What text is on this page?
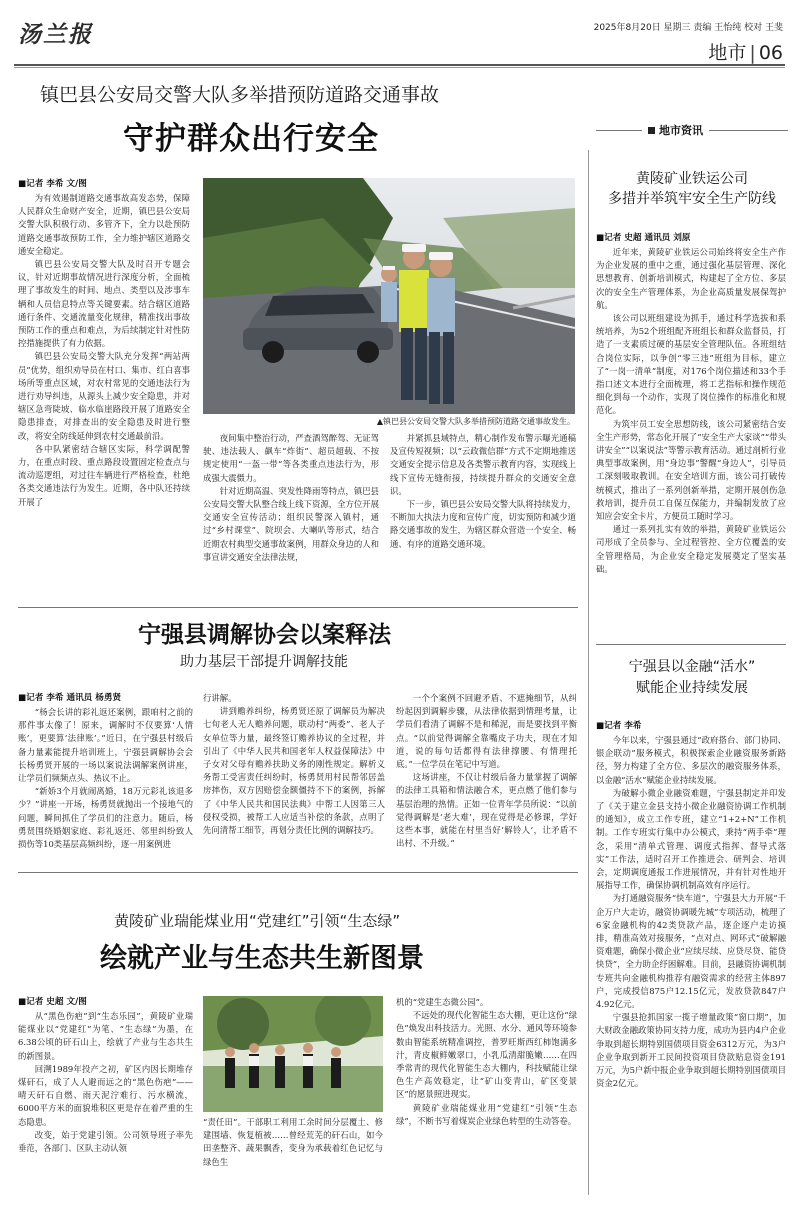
汤兰报	2025年8月20日 星期三 责编 王怡纯 校对 王斐
地市 | 06
镇巴县公安局交警大队多举措预防道路交通事故
守护群众出行安全	地市资讯
■记者 李希 文/图

为有效遏制道路交通事故高发态势，保障人民群众生命财产安全，近期，镇巴县公安局交警大队积极行动、多管齐下，全力以赴预防道路交通事故预防工作，全力维护辖区道路交通安全稳定。

镇巴县公安局交警大队及时召开专题会议，针对近期事故情况进行深度分析，全面梳理了事故发生的时间、地点、类型以及涉事车辆和人员信息特点等关键要素。结合辖区道路通行条件、交通流量变化规律，精准找出事故预防工作的重点和难点，为后续制定针对性防控措施提供了有力依据。

镇巴县公安局交警大队充分发挥“两站两员”优势，组织劝导员在村口、集市、红白喜事场所等重点区域，对农村常见的交通违法行为进行劝导纠违，从源头上减少安全隐患，并对辖区急弯陡坡、临水临崖路段开展了道路安全隐患排查，对排查出的安全隐患及时进行整改，将安全防线延伸到农村交通最前沿。

各中队紧密结合辖区实际，科学调配警力，在重点时段、重点路段设置固定检查点与流动巡逻组，对过往车辆进行严格检查，杜绝各类交通违法行为发生。近期，各中队还持续开展了

▲镇巴县公安局交警大队多举措预防道路交通事故发生。

夜间集中整治行动，严查酒驾醉驾、无证驾驶、违法载人、飙车“炸街”、超员超载、不按规定使用“一盔一带”等各类重点违法行为，形成强大震慑力。

针对近期高温、突发性降雨等特点，镇巴县公安局交警大队整合线上线下资源，全方位开展交通安全宣传活动；组织民警深入镇村，通过“乡村课堂”、院坝会、大喇叭等形式，结合近期农村典型交通事故案例，用群众身边的人和事宣讲交通安全法律法规，

并紧抓县域特点，精心制作发布警示曝光通稿及宣传短视频；以“云政微信群”方式不定期地推送交通安全提示信息及各类警示教育内容，实现线上线下宣传无缝衔接，持续提升群众的交通安全意识。

下一步，镇巴县公安局交警大队将持续发力，不断加大执法力度和宣传广度，切实预防和减少道路交通事故的发生，为辖区群众营造一个安全、畅通、有序的道路交通环境。

宁强县调解协会以案释法
助力基层干部提升调解技能
■记者 李希 通讯员 杨勇贤

“杨会长讲的彩礼返还案例，跟咱村之前的那件事太像了！原来，调解时不仅要算‘人情账’，更要算‘法律账’。”近日，在宁强县村级后备力量素能提升培训班上，宁强县调解协会会长杨勇贤开展的一场以案说法调解案例讲座，让学员们频频点头、热议不止。

“新娇3个月就闹离婚，18万元彩礼该退多少？”讲座一开场，杨勇贤就抛出一个接地气的问题，瞬间抓住了学员们的注意力。随后，杨勇贤围绕婚姻家庭、彩礼返还、邻里纠纷致人损伤等10类基层高频纠纷，逐一用案例进

行讲解。

讲到赡养纠纷，杨勇贤还原了调解员为解决七旬老人无人赡养问题，联动村“两委”、老人子女单位等力量，最终签订赡养协议的全过程，并引出了《中华人民共和国老年人权益保障法》中子女对父母有赡养扶助义务的刚性规定。解析义务帮工受害责任纠纷时，杨勇贤用村民帮邻居盖房摔伤，双方因赔偿金额僵持不下的案例，拆解了《中华人民共和国民法典》中帮工人因第三人侵权受损，被帮工人应适当补偿的条款，点明了先问清帮工细节，再划分责任比例的调解技巧。

一个个案例不回避矛盾、不遮掩细节，从纠纷起因到调解步骤，从法律依据到情理考量，让学员们看清了调解不是和稀泥，而是要找到平衡点。“以前觉得调解全靠嘴皮子功夫，现在才知道，说的每句话都得有法律撑腰、有情理托底。”一位学员在笔记中写道。

这场讲座，不仅让村级后备力量掌握了调解的法律工具箱和情法融合术，更点燃了他们参与基层治理的热情。正如一位青年学员所说：“以前觉得调解是‘老大难’，现在觉得是必修课，学好这些本事，就能在村里当好‘解铃人’，让矛盾不出村、不升级。”

黄陵矿业瑞能煤业用“党建红”引领“生态绿”
绘就产业与生态共生新图景
■记者 史超 文/图

从“黑色伤疤”到“生态乐园”，黄陵矿业瑞能煤业以“党建红”为笔、“生态绿”为墨，在6.38公顷的矸石山上，绘就了产业与生态共生的新图景。

回溯1989年投产之初，矿区内因长期堆存煤矸石，成了人人避而远之的“黑色伤疤”——晴天矸石自燃、雨天泥泞难行、污水横流，6000平方米的面貌堆积区更是存在着严重的生态隐患。

改变，始于党建引领。公司领导班子率先垂范，各部门、区队主动认领

“责任田”。干部职工利用工余时间分层覆土、修建围墙、恢复植被……曾经荒芜的矸石山，如今田垄整齐、蔬果飘香，变身为承载着红色记忆与绿色生

机的“党建生态微公园”。

不远处的现代化智能生态大棚，更让这份“绿色”焕发出科技活力。光照、水分、通风等环境参数由智能系统精准调控，普罗旺斯西红柿饱满多汁，青皮椒鲜嫩翠口，小乳瓜清甜脆嫩……在四季常青的现代化智能生态大棚内，科技赋能让绿色生产高效稳定，让“矿山变青山，矿区变景区”的愿景照进现实。

黄陵矿业瑞能煤业用“党建红”引领“生态绿”，不断书写着煤炭企业绿色转型的生动答卷。

黄陵矿业铁运公司
多措并举筑牢安全生产防线
■记者 史超 通讯员 刘原

近年来，黄陵矿业铁运公司始终将安全生产作为企业发展的重中之重，通过强化基层管理、深化思想教育、创新培训模式，构建起了全方位、多层次的安全生产管理体系，为企业高质量发展保驾护航。

该公司以班组建设为抓手，通过科学选拔和系统培养，为52个班组配齐班组长和群众监督员，打造了一支素质过硬的基层安全管理队伍。各班组结合岗位实际，以争创“零三违”班组为目标，建立了“一岗一清单”制度，对176个岗位描述和33个手指口述文本进行全面梳理，将工艺指标和操作规范细化到每一个动作，实现了岗位操作的标准化和规范化。

为筑牢员工安全思想防线，该公司紧密结合安全生产形势，常态化开展了“安全生产大家谈”“带头讲安全”“以案说法”等警示教育活动。通过剖析行业典型事故案例，用“身边事”警醒“身边人”，引导员工深刻吸取教训。在安全培训方面，该公司打破传统模式，推出了一系列创新举措，定期开展创伤急救培训，提升员工自保互保能力，并编制发放了应知应会安全卡片，方便员工随时学习。

通过一系列扎实有效的举措，黄陵矿业铁运公司形成了全员参与、全过程管控、全方位覆盖的安全管理格局，为企业安全稳定发展奠定了坚实基础。

宁强县以金融“活水”
赋能企业持续发展
■记者 李希

今年以来，宁强县通过“政府搭台、部门协同、银企联动”服务模式，积极探索企业融资服务新路径，努力构建了全方位、多层次的融资服务体系，以金融“活水”赋能企业持续发展。

为破解小微企业融资难题，宁强县制定并印发了《关于建立金县支持小微企业融资协调工作机制的通知》，成立工作专班，建立“1+2+N”工作机制。工作专班实行集中办公模式，秉持“两手牵”理念，采用“清单式管理、调度式指挥、督导式落实”工作法，适时召开工作推进会、研判会、培训会，定期调度通报工作进展情况，并有针对性地开展指导工作，确保协调机制高效有序运行。

为打通融资服务“快车道”，宁强县大力开展“千企万户大走访，融资协调暖先城”专项活动，梳理了6家金融机构的42类贷款产品，逐企逐户走访摸排，精准高效对接服务，“点对点、网环式”破解融资难题，确保小微企业“应续尽续、应贷尽贷、能贷快贷”，全力助企纾困解难。目前，县融资协调机制专班共向金融机构推荐有融资需求的经营主体897户，完成授信875户12.15亿元，发放贷款847户4.92亿元。

宁强县抢抓国家一揽子增量政策“窗口期”，加大财政金融政策协同支持力度，成功为县内4户企业争取到超长期特别国债项目资金6312万元，为3户企业争取到新开工民间投资项目贷款贴息资金191万元，为5户新中报企业争取到超长期特别国债项目资金2亿元。
